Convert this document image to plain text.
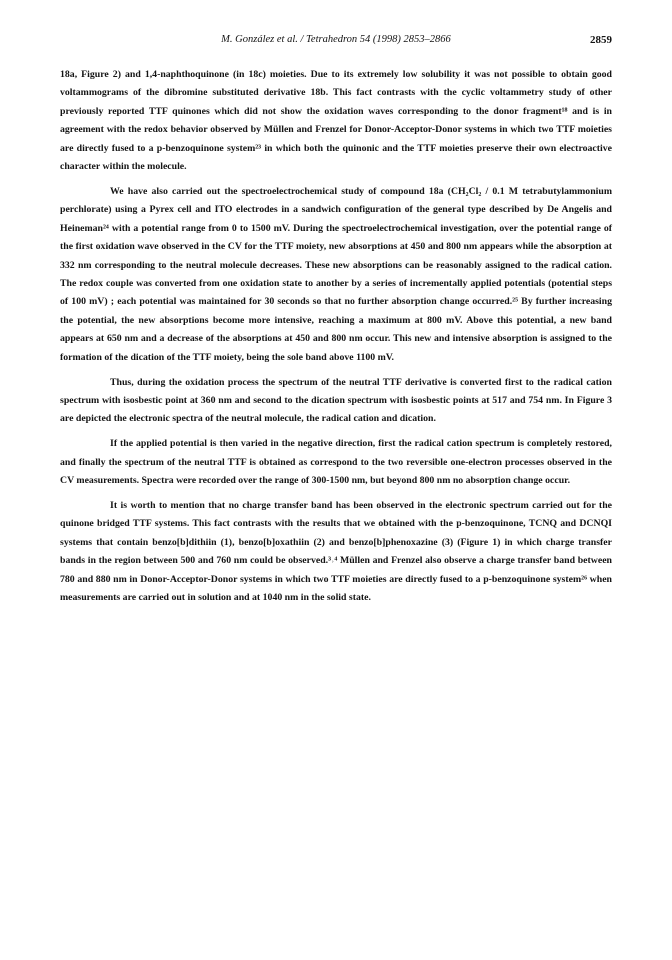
M. González et al. / Tetrahedron 54 (1998) 2853–2866	2859

18a, Figure 2) and 1,4-naphthoquinone (in 18c) moieties. Due to its extremely low solubility it was not possible to obtain good voltammograms of the dibromine substituted derivative 18b. This fact contrasts with the cyclic voltammetry study of other previously reported TTF quinones which did not show the oxidation waves corresponding to the donor fragment¹⁸ and is in agreement with the redox behavior observed by Müllen and Frenzel for Donor-Acceptor-Donor systems in which two TTF moieties are directly fused to a p-benzoquinone system²³ in which both the quinonic and the TTF moieties preserve their own electroactive character within the molecule.

We have also carried out the spectroelectrochemical study of compound 18a (CH₂Cl₂ / 0.1 M tetrabutylammonium perchlorate) using a Pyrex cell and ITO electrodes in a sandwich configuration of the general type described by De Angelis and Heineman²⁴ with a potential range from 0 to 1500 mV. During the spectroelectrochemical investigation, over the potential range of the first oxidation wave observed in the CV for the TTF moiety, new absorptions at 450 and 800 nm appears while the absorption at 332 nm corresponding to the neutral molecule decreases. These new absorptions can be reasonably assigned to the radical cation. The redox couple was converted from one oxidation state to another by a series of incrementally applied potentials (potential steps of 100 mV) ; each potential was maintained for 30 seconds so that no further absorption change occurred.²⁵ By further increasing the potential, the new absorptions become more intensive, reaching a maximum at 800 mV. Above this potential, a new band appears at 650 nm and a decrease of the absorptions at 450 and 800 nm occur. This new and intensive absorption is assigned to the formation of the dication of the TTF moiety, being the sole band above 1100 mV.

Thus, during the oxidation process the spectrum of the neutral TTF derivative is converted first to the radical cation spectrum with isosbestic point at 360 nm and second to the dication spectrum with isosbestic points at 517 and 754 nm. In Figure 3 are depicted the electronic spectra of the neutral molecule, the radical cation and dication.

If the applied potential is then varied in the negative direction, first the radical cation spectrum is completely restored, and finally the spectrum of the neutral TTF is obtained as correspond to the two reversible one-electron processes observed in the CV measurements. Spectra were recorded over the range of 300-1500 nm, but beyond 800 nm no absorption change occur.

It is worth to mention that no charge transfer band has been observed in the electronic spectrum carried out for the quinone bridged TTF systems. This fact contrasts with the results that we obtained with the p-benzoquinone, TCNQ and DCNQI systems that contain benzo[b]dithiin (1), benzo[b]oxathiin (2) and benzo[b]phenoxazine (3) (Figure 1) in which charge transfer bands in the region between 500 and 760 nm could be observed.³˒⁴ Müllen and Frenzel also observe a charge transfer band between 780 and 880 nm in Donor-Acceptor-Donor systems in which two TTF moieties are directly fused to a p-benzoquinone system²⁶ when measurements are carried out in solution and at 1040 nm in the solid state.
